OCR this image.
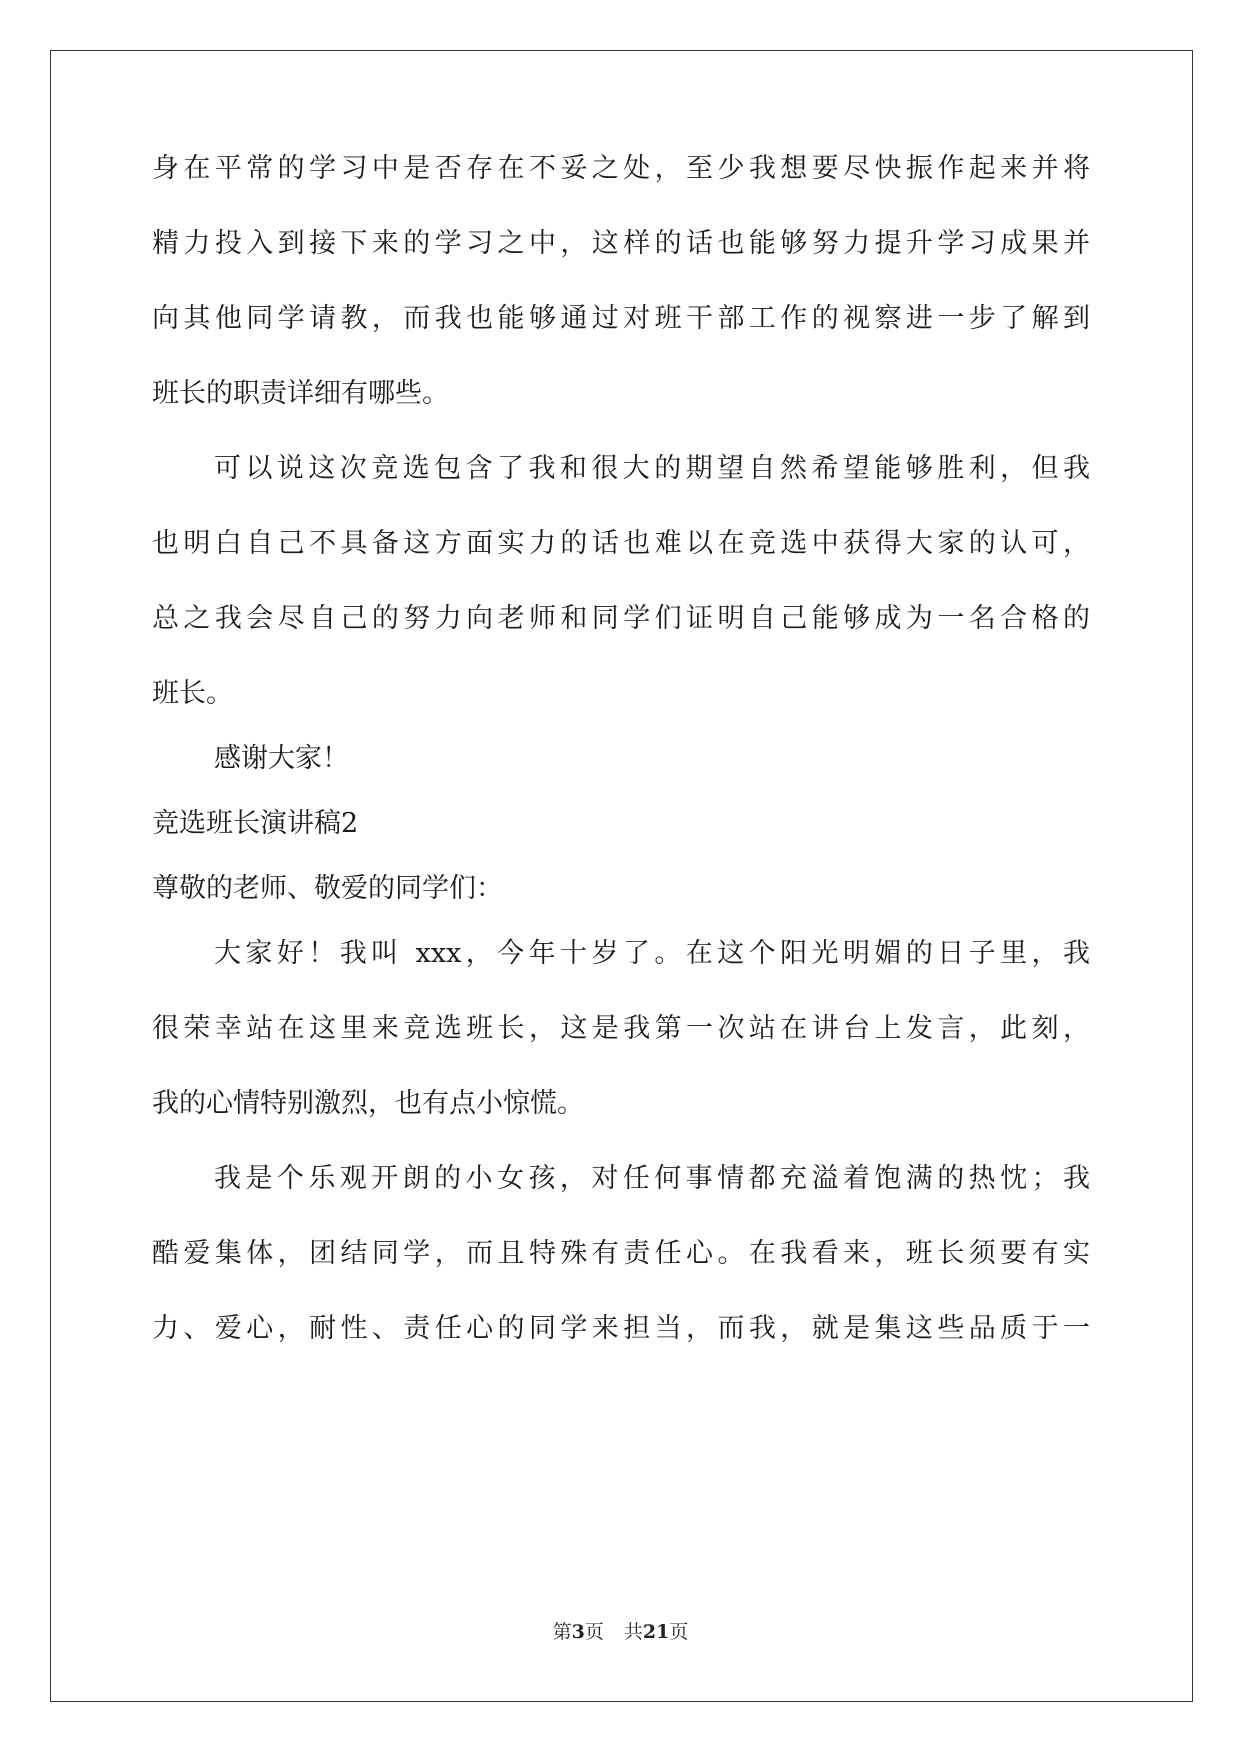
身在平常的学习中是否存在不妥之处，至少我想要尽快振作起来并将
精力投入到接下来的学习之中，这样的话也能够努力提升学习成果并
向其他同学请教，而我也能够通过对班干部工作的视察进一步了解到
班长的职责详细有哪些。
可以说这次竞选包含了我和很大的期望自然希望能够胜利，但我
也明白自己不具备这方面实力的话也难以在竞选中获得大家的认可，
总之我会尽自己的努力向老师和同学们证明自己能够成为一名合格的
班长。
感谢大家！
竞选班长演讲稿2
尊敬的老师、敬爱的同学们：
大家好！我叫 xxx，今年十岁了。在这个阳光明媚的日子里，我
很荣幸站在这里来竞选班长，这是我第一次站在讲台上发言，此刻，
我的心情特别激烈，也有点小惊慌。
我是个乐观开朗的小女孩，对任何事情都充溢着饱满的热忱；我
酷爱集体，团结同学，而且特殊有责任心。在我看来，班长须要有实
力、爱心，耐性、责任心的同学来担当，而我，就是集这些品质于一
第3页 共21页
